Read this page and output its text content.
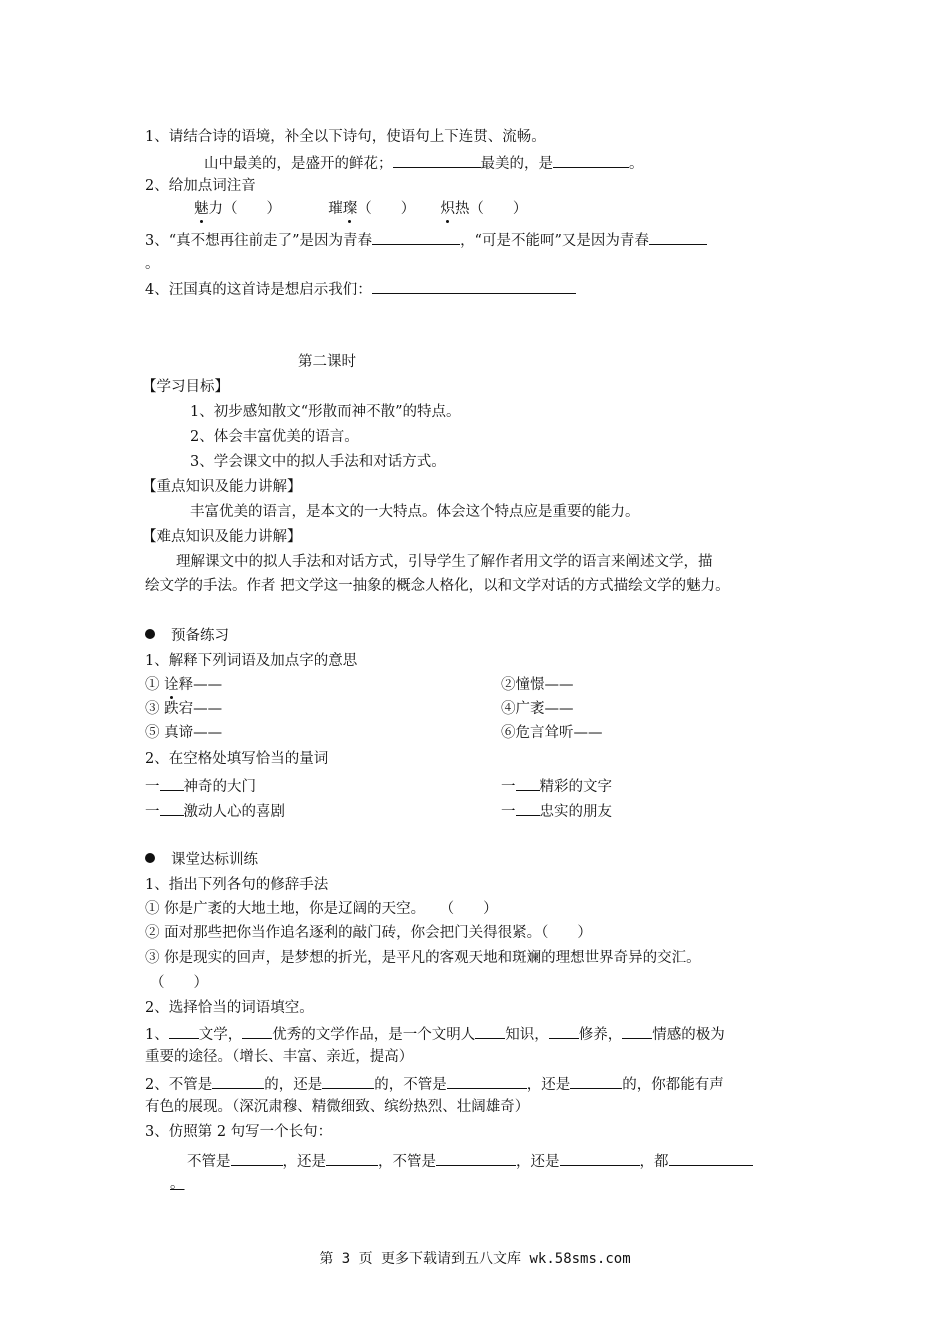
1、请结合诗的语境，补全以下诗句，使语句上下连贯、流畅。
山中最美的，是盛开的鲜花；	最美的，是	。
2、给加点词注音
魅力（　　）	璀璨（　　） 炽热（　　）
3、“真不想再往前走了”是因为青春	，“可是不能呵”又是因为青春
。
4、汪国真的这首诗是想启示我们：
第二课时
【学习目标】
1、初步感知散文“形散而神不散”的特点。
2、体会丰富优美的语言。
3、学会课文中的拟人手法和对话方式。
【重点知识及能力讲解】
丰富优美的语言，是本文的一大特点。体会这个特点应是重要的能力。
【难点知识及能力讲解】
理解课文中的拟人手法和对话方式，引导学生了解作者用文学的语言来阐述文学，描
绘文学的手法。作者 把文学这一抽象的概念人格化，以和文学对话的方式描绘文学的魅力。
预备练习
1、解释下列词语及加点字的意思
① 诠释——	②憧憬——
③ 跌宕——	④广袤——
⑤ 真谛——	⑥危言耸听——
2、在空格处填写恰当的量词
一 神奇的大门	一 精彩的文字
一 激动人心的喜剧	一 忠实的朋友
课堂达标训练
1、指出下列各句的修辞手法
① 你是广袤的大地土地，你是辽阔的天空。　　（　　）
② 面对那些把你当作追名逐利的敲门砖，你会把门关得很紧。（　　）
③ 你是现实的回声，是梦想的折光，是平凡的客观天地和斑斓的理想世界奇异的交汇。
（　　）
2、选择恰当的词语填空。
1、 文学， 优秀的文学作品，是一个文明人 知识， 修养， 情感的极为
重要的途径。（增长、丰富、亲近，提高）
2、不管是	的，还是	的，不管是	，还是	的，你都能有声
有色的展现。（深沉肃穆、精微细致、缤纷热烈、壮阔雄奇）
3、仿照第 2 句写一个长句：
不管是	，还是	，不管是	，还是	，都
。
第 3 页 更多下载请到五八文库 wk.58sms.com
